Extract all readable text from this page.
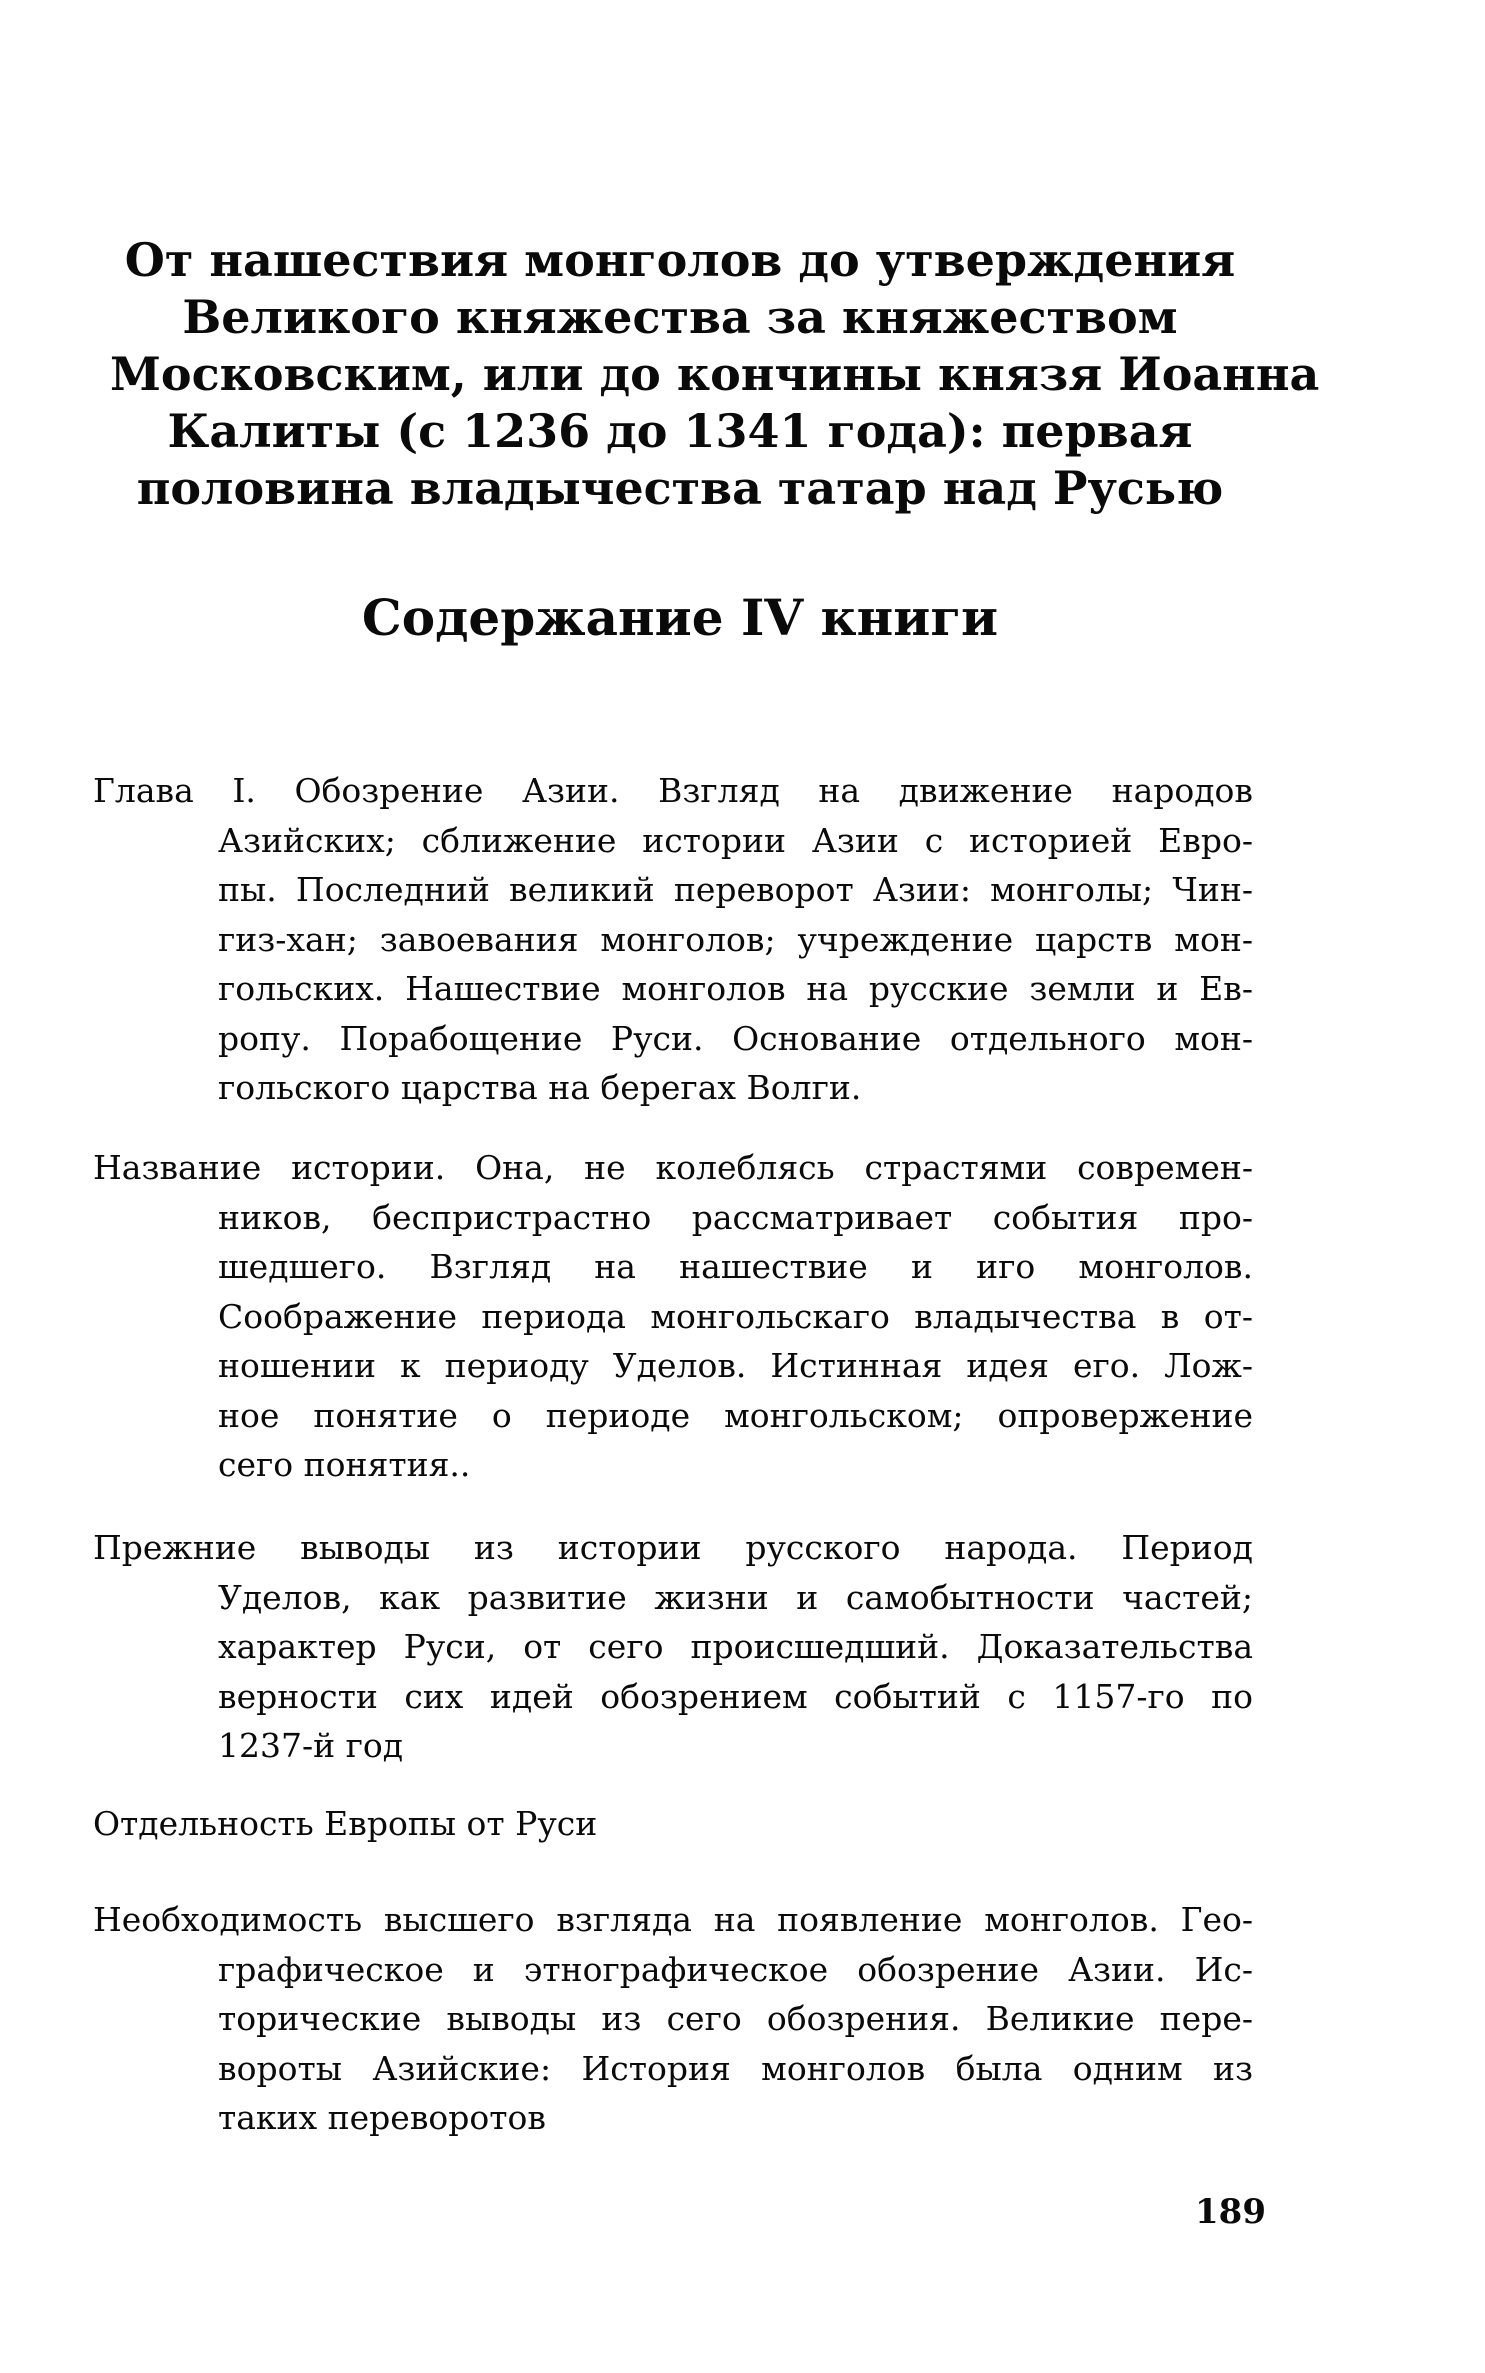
От нашествия монголов до утверждения
Великого княжества за княжеством
Московским, или до кончины князя Иоанна
Калиты (с 1236 до 1341 года): первая
половина владычества татар над Русью
Содержание IV книги
Глава I. Обозрение Азии. Взгляд на движение народов
Азийских; сближение истории Азии с историей Евро-
пы. Последний великий переворот Азии: монголы; Чин-
гиз-хан; завоевания монголов; учреждение царств мон-
гольских. Нашествие монголов на русские земли и Ев-
ропу. Порабощение Руси. Основание отдельного мон-
гольского царства на берегах Волги.
Название истории. Она, не колеблясь страстями современ-
ников, беспристрастно рассматривает события про-
шедшего. Взгляд на нашествие и иго монголов.
Соображение периода монгольскаго владычества в от-
ношении к периоду Уделов. Истинная идея его. Лож-
ное понятие о периоде монгольском; опровержение
сего понятия..
Прежние выводы из истории русского народа. Период
Уделов, как развитие жизни и самобытности частей;
характер Руси, от сего происшедший. Доказательства
верности сих идей обозрением событий с 1157-го по
1237-й год
Отдельность Европы от Руси
Необходимость высшего взгляда на появление монголов. Гео-
графическое и этнографическое обозрение Азии. Ис-
торические выводы из сего обозрения. Великие пере-
вороты Азийские: История монголов была одним из
таких переворотов
189
